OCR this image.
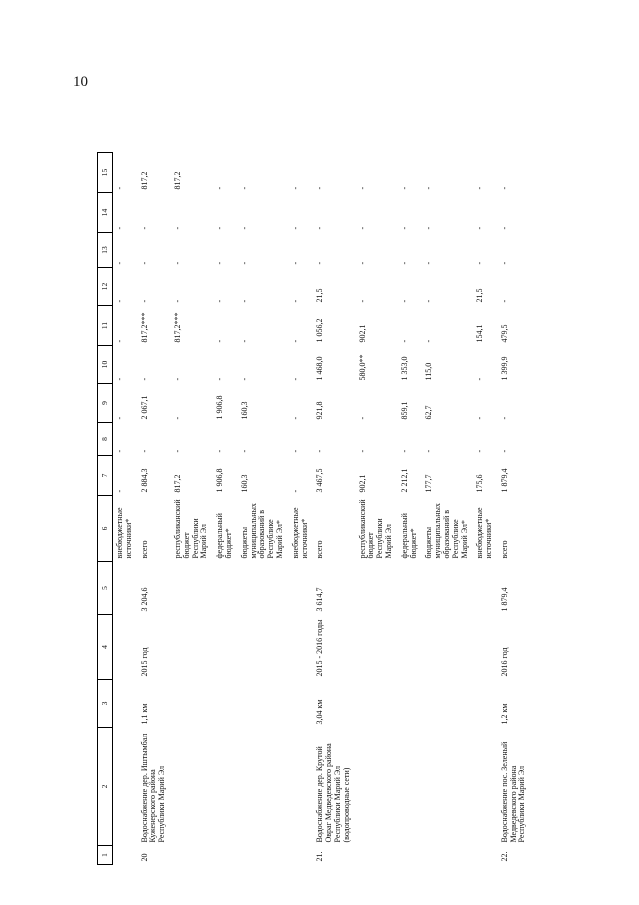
10
1	2	3	4	5	6	7	8	9	10	11	12	13	14	15
					внебюджетные источники*	-	-	-	-	-	-	-	-	-
20	Водоснабжение дер. Иштымбал Куженерского района Республики Марий Эл	1,1 км	2015 год	3 204,6	всего	2 884,3	-	2 067,1	-	817,2***	-	-	-	817,2
					республиканский бюджет Республики Марий Эл	817,2	-	-	-	817,2***	-	-	-	817,2
					федеральный бюджет*	1 906,8	-	1 906,8	-	-	-	-	-	-
					бюджеты муниципальных образований в Республике Марий Эл*	160,3	-	160,3	-	-	-	-	-	-
					внебюджетные источники*	-	-	-	-	-	-	-	-	-
21.	Водоснабжение дер. Крутой Овраг Медведевского района Республики Марий Эл (водопроводные сети)	3,04 км	2015 - 2016 годы	3 614,7	всего	3 467,5	-	921,8	1 468,0	1 056,2	21,5	-	-	-
					республиканский бюджет Республики Марий Эл	902,1	-	-	580,0**	902,1	-	-	-	-
					федеральный бюджет*	2 212,1	-	859,1	1 353,0	-	-	-	-	-
					бюджеты муниципальных образований в Республике Марий Эл*	177,7	-	62,7	115,0	-	-	-	-	-
					внебюджетные источники*	175,6	-	-	-	154,1	21,5	-	-	-
22.	Водоснабжение пос. Зеленый Медведевского района Республики Марий Эл	1,2 км	2016 год	1 879,4	всего	1 879,4	-	-	1 399,9	479,5	-	-	-	-
